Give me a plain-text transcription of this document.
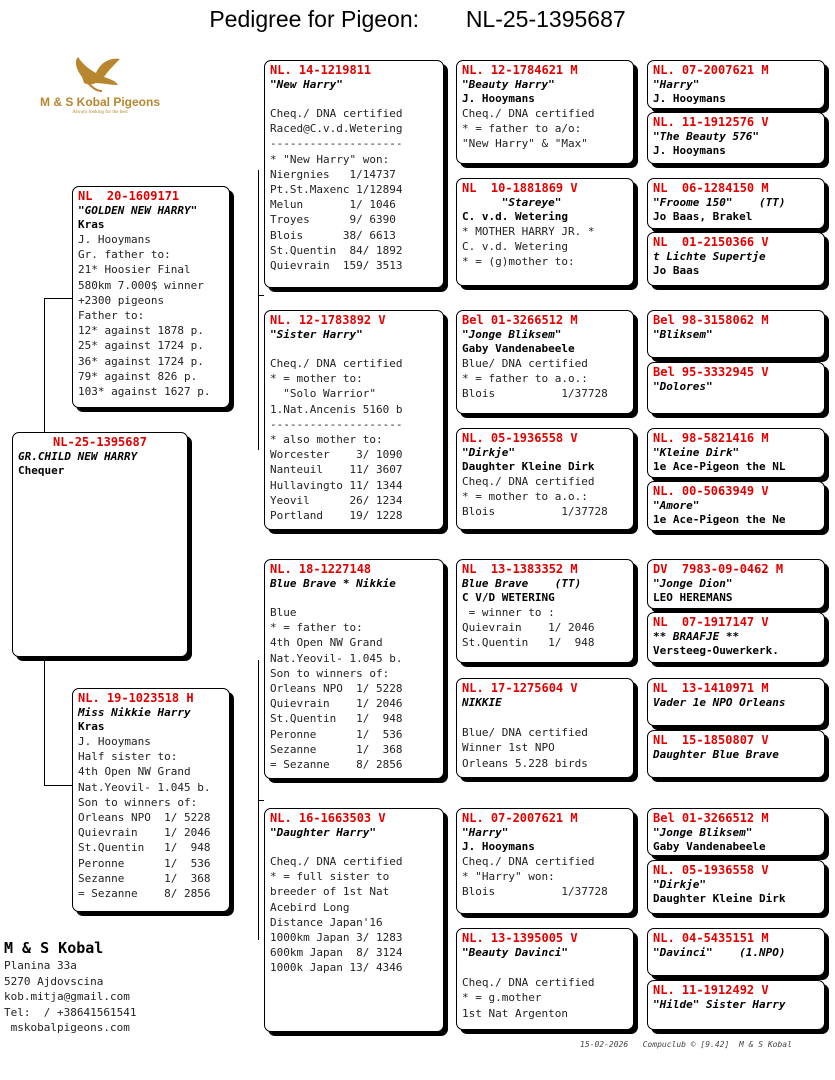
Pedigree for Pigeon: NL-25-1395687
M & S Kobal Pigeons
Always looking for the best
NL-25-1395687
GR.CHILD NEW HARRY
Chequer
NL  20-1609171
"GOLDEN NEW HARRY"
Kras
J. Hooymans
Gr. father to:
21* Hoosier Final
580km 7.000$ winner
+2300 pigeons
Father to:
12* against 1878 p.
25* against 1724 p.
36* against 1724 p.
79* against 826 p.
103* against 1627 p.
NL. 19-1023518 H
Miss Nikkie Harry
Kras
J. Hooymans
Half sister to:
4th Open NW Grand
Nat.Yeovil- 1.045 b.
Son to winners of:
Orleans NPO  1/ 5228
Quievrain    1/ 2046
St.Quentin   1/  948
Peronne      1/  536
Sezanne      1/  368
= Sezanne    8/ 2856
NL. 14-1219811
"New Harry"
Cheq./ DNA certified
Raced@C.v.d.Wetering
--------------------
* "New Harry" won:
Niergnies   1/14737
Pt.St.Maxenc 1/12894
Melun       1/ 1046
Troyes      9/ 6390
Blois      38/ 6613
St.Quentin  84/ 1892
Quievrain  159/ 3513
NL. 12-1783892 V
"Sister Harry"
Cheq./ DNA certified
* = mother to:
"Solo Warrior"
1.Nat.Ancenis 5160 b
--------------------
* also mother to:
Worcester    3/ 1090
Nanteuil    11/ 3607
Hullavingto 11/ 1344
Yeovil      26/ 1234
Portland    19/ 1228
NL. 18-1227148
Blue Brave * Nikkie
Blue
* = father to:
4th Open NW Grand
Nat.Yeovil- 1.045 b.
Son to winners of:
Orleans NPO  1/ 5228
Quievrain    1/ 2046
St.Quentin   1/  948
Peronne      1/  536
Sezanne      1/  368
= Sezanne    8/ 2856
NL. 16-1663503 V
"Daughter Harry"
Cheq./ DNA certified
* = full sister to
breeder of 1st Nat
Acebird Long
Distance Japan'16
1000km Japan 3/ 1283
600km Japan  8/ 3124
1000k Japan 13/ 4346
NL. 12-1784621 M
"Beauty Harry"
J. Hooymans
Cheq./ DNA certified
* = father to a/o:
"New Harry" & "Max"
NL  10-1881869 V
"Stareye"
C. v.d. Wetering
* MOTHER HARRY JR. *
C. v.d. Wetering
* = (g)mother to:
Bel 01-3266512 M
"Jonge Bliksem"
Gaby Vandenabeele
Blue/ DNA certified
* = father to a.o.:
Blois          1/37728
NL. 05-1936558 V
"Dirkje"
Daughter Kleine Dirk
Cheq./ DNA certified
* = mother to a.o.:
Blois          1/37728
NL  13-1383352 M
Blue Brave    (TT)
C V/D WETERING
= winner to :
Quievrain    1/ 2046
St.Quentin   1/  948
NL. 17-1275604 V
NIKKIE

Blue/ DNA certified
Winner 1st NPO
Orleans 5.228 birds
NL. 07-2007621 M
"Harry"
J. Hooymans
Cheq./ DNA certified
* "Harry" won:
Blois          1/37728
NL. 13-1395005 V
"Beauty Davinci"

Cheq./ DNA certified
* = g.mother
1st Nat Argenton
NL. 07-2007621 M
"Harry"
J. Hooymans
NL. 11-1912576 V
"The Beauty 576"
J. Hooymans
NL  06-1284150 M
"Froome 150"    (TT)
Jo Baas, Brakel
NL  01-2150366 V
t Lichte Supertje
Jo Baas
Bel 98-3158062 M
"Bliksem"
Bel 95-3332945 V
"Dolores"
NL. 98-5821416 M
"Kleine Dirk"
1e Ace-Pigeon the NL
NL. 00-5063949 V
"Amore"
1e Ace-Pigeon the Ne
DV  7983-09-0462 M
"Jonge Dion"
LEO HEREMANS
NL  07-1917147 V
** BRAAFJE **
Versteeg-Ouwerkerk.
NL  13-1410971 M
Vader 1e NPO Orleans
NL  15-1850807 V
Daughter Blue Brave
Bel 01-3266512 M
"Jonge Bliksem"
Gaby Vandenabeele
NL. 05-1936558 V
"Dirkje"
Daughter Kleine Dirk
NL. 04-5435151 M
"Davinci"    (1.NPO)
NL. 11-1912492 V
"Hilde" Sister Harry
M & S Kobal
Planina 33a
5270 Ajdovscina
kob.mitja@gmail.com
Tel:  / +38641561541
mskobalpigeons.com
15-02-2026   Compuclub © [9.42]  M & S Kobal
